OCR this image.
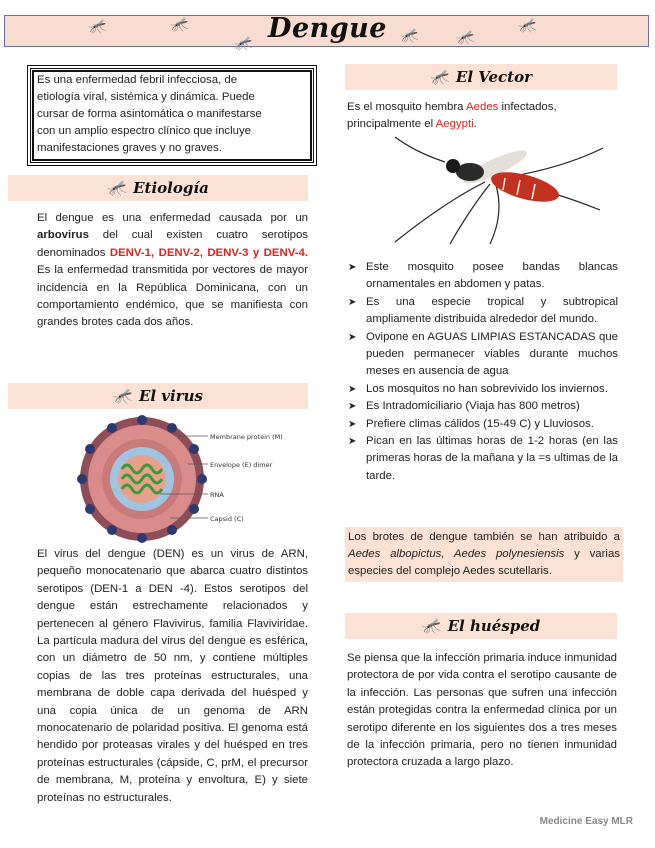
🦟	🦟
🦟	🦟 🦟
🦟
Dengue
Es una enfermedad febril infecciosa, de
etiología viral, sistémica y dinámica. Puede
cursar de forma asintomática o manifestarse
con un amplio espectro clínico que incluye
manifestaciones graves y no graves.
🦟 Etiología
El dengue es una enfermedad causada por un arbovirus del cual existen cuatro serotipos denominados DENV-1, DENV-2, DENV-3 y DENV-4. Es la enfermedad transmitida por vectores de mayor incidencia en la República Dominicana, con un comportamiento endémico, que se manifiesta con grandes brotes cada dos años.
🦟 El virus
Membrane protein (M)
Envelope (E) dimer
RNA
Capsid (C)
El virus del dengue (DEN) es un virus de ARN, pequeño monocatenario que abarca cuatro distintos serotipos (DEN-1 a DEN -4). Estos serotipos del dengue están estrechamente relacionados y pertenecen al género Flavivirus, familia Flaviviridae. La partícula madura del virus del dengue es esférica, con un diámetro de 50 nm, y contiene múltiples copias de las tres proteínas estructurales, una membrana de doble capa derivada del huésped y una copia única de un genoma de ARN monocatenario de polaridad positiva. El genoma está hendido por proteasas virales y del huésped en tres proteínas estructurales (cápside, C, prM, el precursor de membrana, M, proteína y envoltura, E) y siete proteínas no estructurales.
🦟 El Vector
Es el mosquito hembra Aedes infectados, principalmente el Aegypti.
➤ Este mosquito posee bandas blancas ornamentales en abdomen y patas.
➤ Es una especie tropical y subtropical ampliamente distribuida alrededor del mundo.
➤ Ovipone en AGUAS LIMPIAS ESTANCADAS que pueden permanecer viables durante muchos meses en ausencia de agua
➤ Los mosquitos no han sobrevivido los inviernos.
➤ Es Intradomiciliario (Viaja has 800 metros)
➤ Prefiere climas cálidos (15-49 C) y Lluviosos.
➤ Pican en las últimas horas de 1-2 horas (en las primeras horas de la mañana y la =s ultimas de la tarde.
Los brotes de dengue también se han atribuido a Aedes albopictus, Aedes polynesiensis y varias especies del complejo Aedes scutellaris.
🦟 El huésped
Se piensa que la infección primaria induce inmunidad protectora de por vida contra el serotipo causante de la infección. Las personas que sufren una infección están protegidas contra la enfermedad clínica por un serotipo diferente en los siguientes dos a tres meses de la infección primaria, pero no tienen inmunidad protectora cruzada a largo plazo.
Medicine Easy MLR
